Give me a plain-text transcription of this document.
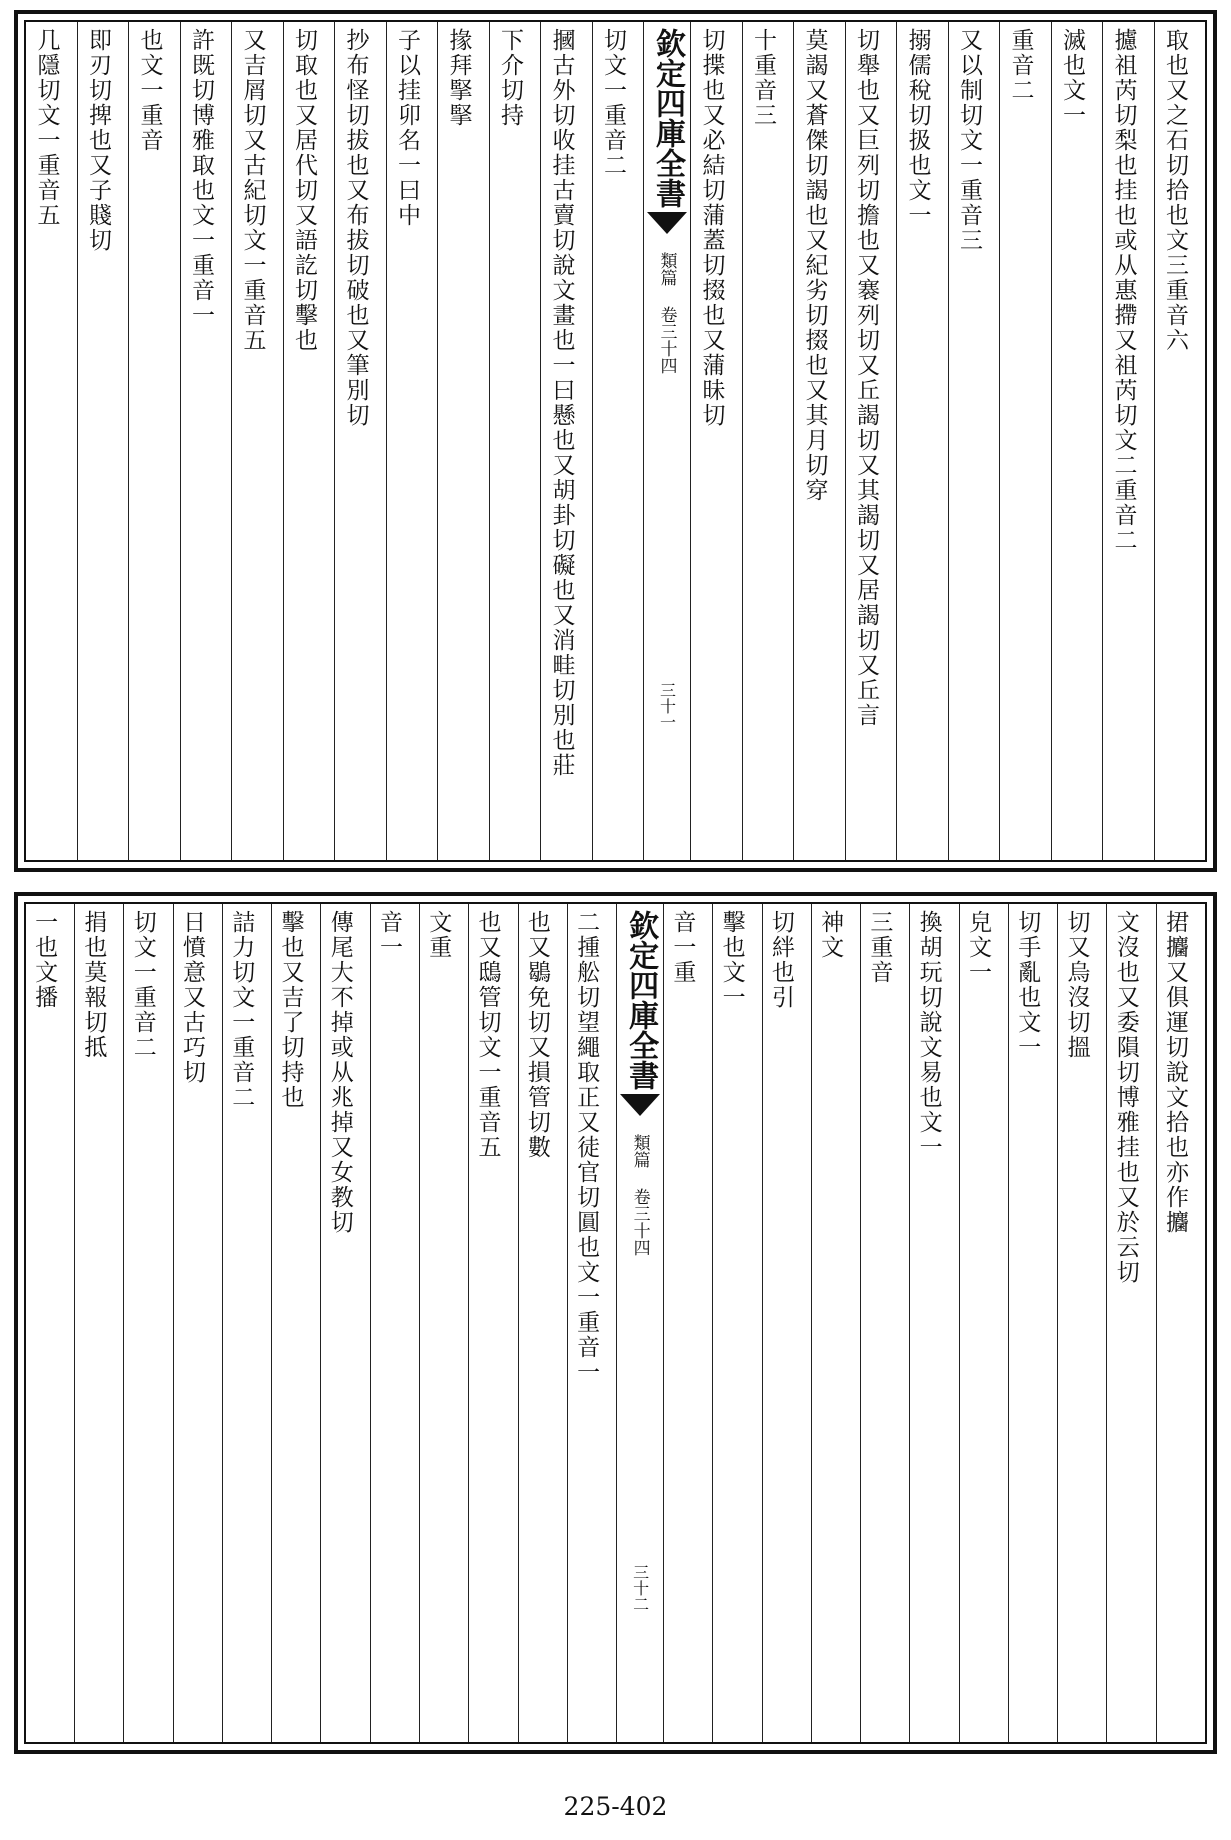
取也又之石切拾也文三重音六
攄祖芮切梨也挂也或从惠摕又祖芮切文二重音二
滅也文一
重音二
又以制切文一重音三
搦儒稅切扱也文一
切舉也又巨列切擔也又褰列切又丘謁切又其謁切又居謁切又丘言
莫謁又蒼傑切謁也又紀劣切掇也又其月切穿
十重音三
切揲也又必結切蒲蓋切掇也又蒲昧切
欽定四庫全書
類篇 卷三十四
三十一
切文一重音二
摑古外切收挂古賣切說文畫也一曰懸也又胡卦切礙也又消畦切別也莊
下介切持
掾拜掔掔
子以挂卯名一曰中
抄布怪切拔也又布拔切破也又筆別切
切取也又居代切又語訖切擊也
又吉屑切又古紀切文一重音五
許既切博雅取也文一重音一
也文一重音
即刃切捭也又子賤切
几隱切文一重音五
捃攟又俱運切說文拾也亦作攟
文沒也又委隕切博雅挂也又於云切
切又烏沒切搵
切手亂也文一
皃文一
換胡玩切說文易也文一
三重音
神文
切絆也引
擊也文一
音一重
欽定四庫全書
類篇 卷三十四
三十二
二揰舩切望繩取正又徒官切圓也文一重音一
也又鶡免切又損管切數
也又鴟管切文一重音五
文重
音一
傳尾大不掉或从兆掉又女教切
擊也又吉了切持也
詰力切文一重音二
日憤意又古巧切
切文一重音二
捐也莫報切抵
一也文播
225-402
